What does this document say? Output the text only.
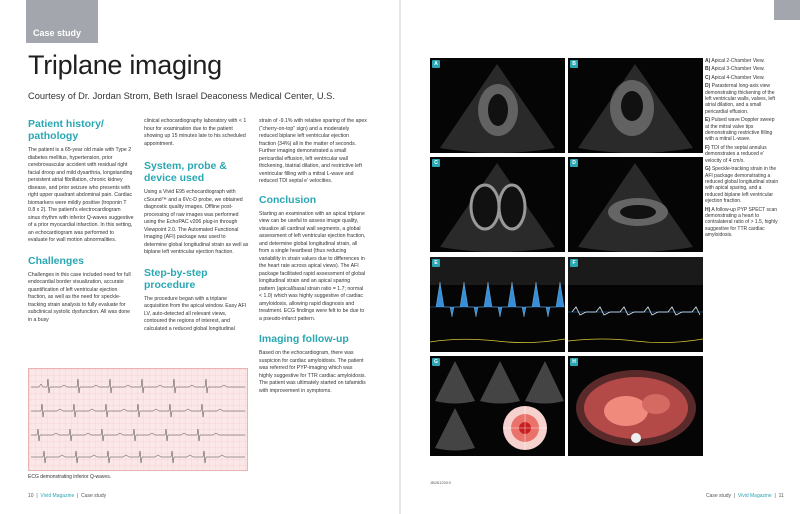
Case study
Triplane imaging
Courtesy of Dr. Jordan Strom, Beth Israel Deaconess Medical Center, U.S.
Patient history/ pathology

The patient is a 65-year old male with Type 2 diabetes mellitus, hypertension, prior cerebrovascular accident with residual right facial droop and mild dysarthria, longstanding persistent atrial fibrillation, chronic kidney disease, and prior seizure who presents with right upper quadrant abdominal pain. Cardiac biomarkers were mildly positive (troponin T 0.8 x 2). The patient's electrocardiogram sinus rhythm with inferior Q-waves suggestive of a prior myocardial infarction. In this setting, an echocardiogram was performed to evaluate for wall motion abnormalities.

Challenges

Challenges in this case included need for full endocardial border visualization, accurate quantification of left ventricular ejection fraction, as well as the need for speckle-tracking strain analysis to fully evaluate for subclinical systolic dysfunction. All was done in a busy

clinical echocardiography laboratory with < 1 hour for examination due to the patient showing up 15 minutes late to his scheduled appointment.

System, probe & device used

Using a Vivid E95 echocardiograph with cSound™ and a 6Vc-D probe, we obtained diagnostic quality images. Offline post-processing of raw images was performed using the EchoPAC v206 plug-in through Viewpoint 2.0. The Automated Functional Imaging (AFI) package was used to determine global longitudinal strain as well as biplane left ventricular ejection fraction.

Step-by-step procedure

The procedure began with a triplane acquisition from the apical window. Easy AFI LV, auto-detected all relevant views, contoured the regions of interest, and calculated a reduced global longitudinal

strain of -9.1% with relative sparing of the apex (“cherry-on-top” sign) and a moderately reduced biplane left ventricular ejection fraction (34%) all in the matter of seconds. Further imaging demonstrated a small pericardial effusion, left ventricular wall thickening, biatrial dilation, and restrictive left ventricular filling with a mitral L-wave and reduced TDI septal e’ velocities.

Conclusion

Starting an examination with an apical triplane view can be useful to assess image quality, visualize all cardinal wall segments, a global assessment of left ventricular ejection fraction, and determine global longitudinal strain, all from a single heartbeat (thus reducing variability in strain values due to differences in the heart rate across apical views). The AFI package facilitated rapid assessment of global longitudinal strain and an apical sparing pattern (apical/basal strain ratio = 1.7; normal < 1.0) which was highly suggestive of cardiac amyloidosis, allowing rapid diagnosis and treatment. ECG findings were felt to be due to a pseudo-infarct pattern.

Imaging follow-up

Based on the echocardiogram, there was suspicion for cardiac amyloidosis. The patient was referred for PYP-imaging which was highly suggestive for TTR cardiac amyloidosis. The patient was ultimately started on tafamidis with improvement in symptoms.

ECG demonstrating inferior Q-waves.
10  |  Vivid Magazine  |  Case study
A	B
C	D
E	F
G	H
JB26120XX
A) Apical 2-Chamber View.
B) Apical 3-Chamber View.
C) Apical 4-Chamber View.
D) Parasternal long-axis view demonstrating thickening of the left ventricular walls, valves, left atrial dilation, and a small pericardial effusion.
E) Pulsed wave Doppler sweep at the mitral valve tips demonstrating restrictive filling with a mitral L-wave.
F) TDI of the septal annulus demonstrates a reduced e’ velocity of 4 cm/s.
G) Speckle-tracking strain in the AFI package demonstrating a reduced global longitudinal strain with apical sparing, and a reduced biplane left ventricular ejection fraction.
H) A follow-up PYP SPECT scan demonstrating a heart to contralateral ratio of > 1.5, highly suggestive for TTR cardiac amyloidosis.
Case study  |  Vivid Magazine  |  11
